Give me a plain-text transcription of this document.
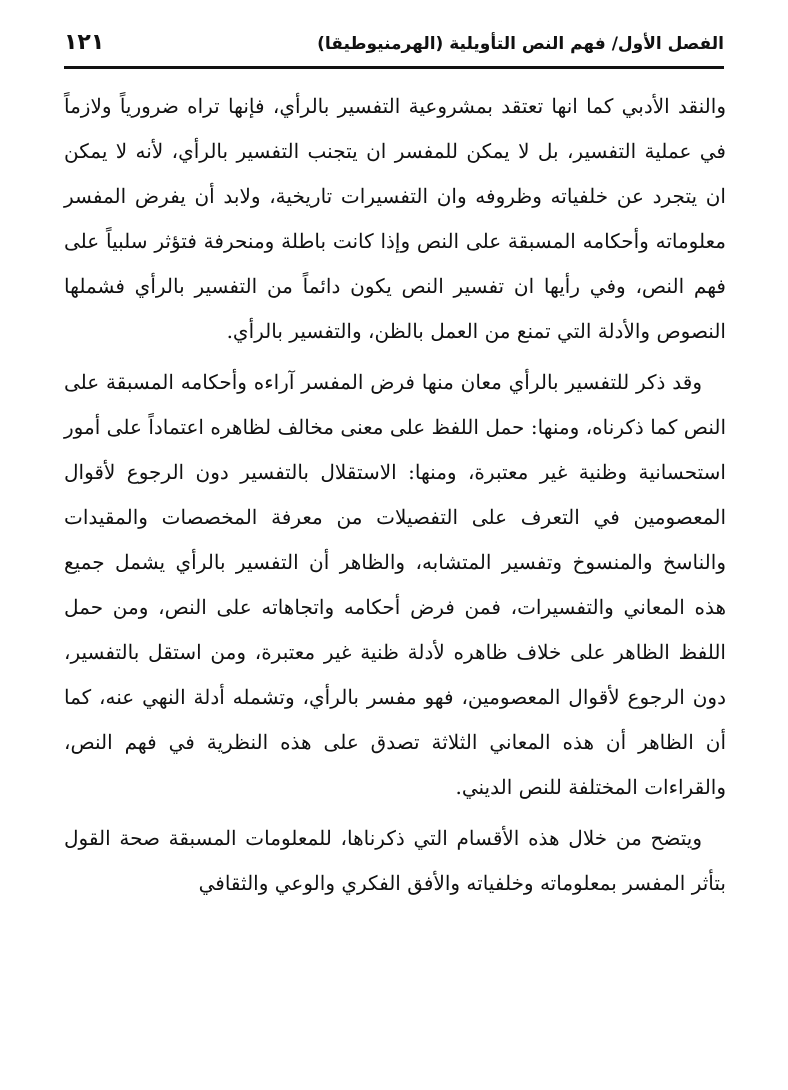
الفصل الأول/ فهم النص التأويلية (الهرمنيوطيقا)
١٢١

والنقد الأدبي كما انها تعتقد بمشروعية التفسير بالرأي، فإنها تراه ضرورياً ولازماً في عملية التفسير، بل لا يمكن للمفسر ان يتجنب التفسير بالرأي، لأنه لا يمكن ان يتجرد عن خلفياته وظروفه وان التفسيرات تاريخية، ولابد أن يفرض المفسر معلوماته وأحكامه المسبقة على النص وإذا كانت باطلة ومنحرفة فتؤثر سلبياً على فهم النص، وفي رأيها ان تفسير النص يكون دائماً من التفسير بالرأي فشملها النصوص والأدلة التي تمنع من العمل بالظن، والتفسير بالرأي.

وقد ذكر للتفسير بالرأي معان منها فرض المفسر آراءه وأحكامه المسبقة على النص كما ذكرناه، ومنها: حمل اللفظ على معنى مخالف لظاهره اعتماداً على أمور استحسانية وظنية غير معتبرة، ومنها: الاستقلال بالتفسير دون الرجوع لأقوال المعصومين في التعرف على التفصيلات من معرفة المخصصات والمقيدات والناسخ والمنسوخ وتفسير المتشابه، والظاهر أن التفسير بالرأي يشمل جميع هذه المعاني والتفسيرات، فمن فرض أحكامه واتجاهاته على النص، ومن حمل اللفظ الظاهر على خلاف ظاهره لأدلة ظنية غير معتبرة، ومن استقل بالتفسير، دون الرجوع لأقوال المعصومين، فهو مفسر بالرأي، وتشمله أدلة النهي عنه، كما أن الظاهر أن هذه المعاني الثلاثة تصدق على هذه النظرية في فهم النص، والقراءات المختلفة للنص الديني.

ويتضح من خلال هذه الأقسام التي ذكرناها، للمعلومات المسبقة صحة القول بتأثر المفسر بمعلوماته وخلفياته والأفق الفكري والوعي والثقافي
